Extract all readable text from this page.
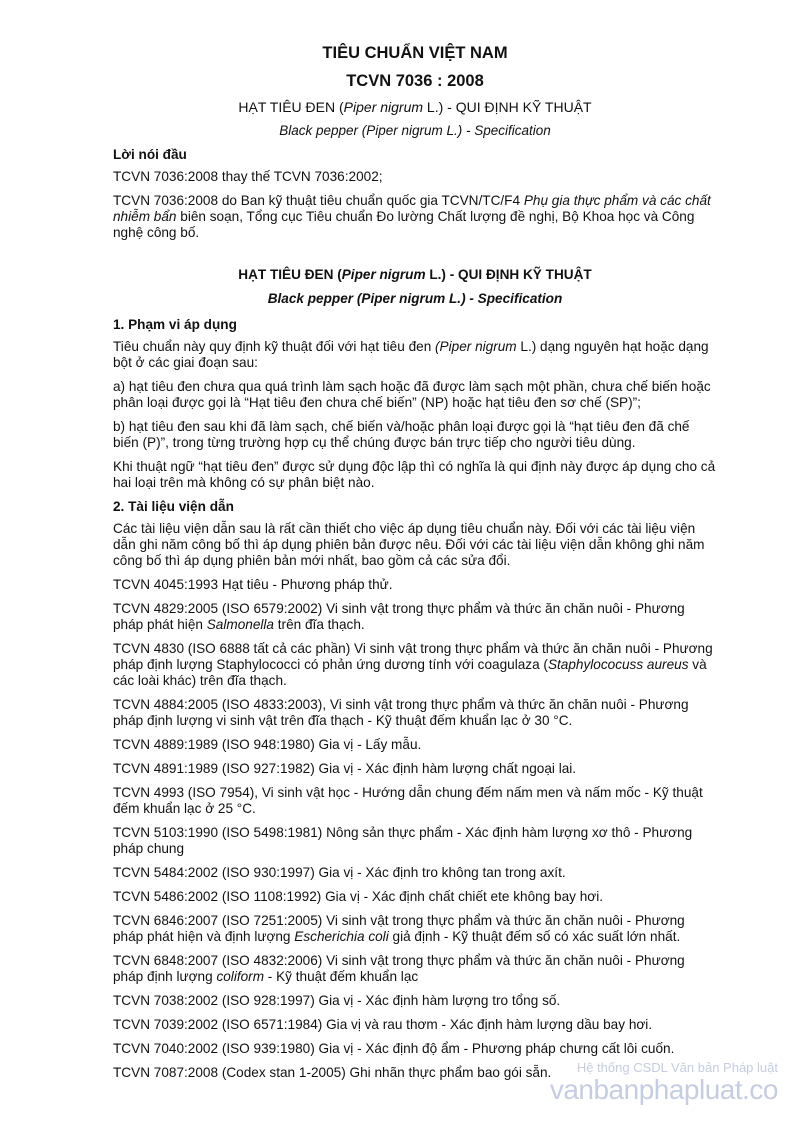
TIÊU CHUẨN VIỆT NAM
TCVN 7036 : 2008
HẠT TIÊU ĐEN (Piper nigrum L.) - QUI ĐỊNH KỸ THUẬT
Black pepper (Piper nigrum L.) - Specification

Lời nói đầu

TCVN 7036:2008 thay thế TCVN 7036:2002;

TCVN 7036:2008 do Ban kỹ thuật tiêu chuẩn quốc gia TCVN/TC/F4 Phụ gia thực phẩm và các chất nhiễm bẩn biên soạn, Tổng cục Tiêu chuẩn Đo lường Chất lượng đề nghị, Bộ Khoa học và Công nghệ công bố.

HẠT TIÊU ĐEN (Piper nigrum L.) - QUI ĐỊNH KỸ THUẬT

Black pepper (Piper nigrum L.) - Specification

1. Phạm vi áp dụng

Tiêu chuẩn này quy định kỹ thuật đối với hạt tiêu đen (Piper nigrum L.) dạng nguyên hạt hoặc dạng bột ở các giai đoạn sau:

a) hạt tiêu đen chưa qua quá trình làm sạch hoặc đã được làm sạch một phần, chưa chế biến hoặc phân loại được gọi là “Hạt tiêu đen chưa chế biến” (NP) hoặc hạt tiêu đen sơ chế (SP)”;

b) hạt tiêu đen sau khi đã làm sạch, chế biến và/hoặc phân loại được gọi là “hạt tiêu đen đã chế biến (P)”, trong từng trường hợp cụ thể chúng được bán trực tiếp cho người tiêu dùng.

Khi thuật ngữ “hạt tiêu đen” được sử dụng độc lập thì có nghĩa là qui định này được áp dụng cho cả hai loại trên mà không có sự phân biệt nào.

2. Tài liệu viện dẫn

Các tài liệu viện dẫn sau là rất cần thiết cho việc áp dụng tiêu chuẩn này. Đối với các tài liệu viện dẫn ghi năm công bố thì áp dụng phiên bản được nêu. Đối với các tài liệu viện dẫn không ghi năm công bố thì áp dụng phiên bản mới nhất, bao gồm cả các sửa đổi.

TCVN 4045:1993 Hạt tiêu - Phương pháp thử.

TCVN 4829:2005 (ISO 6579:2002) Vi sinh vật trong thực phẩm và thức ăn chăn nuôi - Phương pháp phát hiện Salmonella trên đĩa thạch.

TCVN 4830 (ISO 6888 tất cả các phần) Vi sinh vật trong thực phẩm và thức ăn chăn nuôi - Phương pháp định lượng Staphylococci có phản ứng dương tính với coagulaza (Staphylococuss aureus và các loài khác) trên đĩa thạch.

TCVN 4884:2005 (ISO 4833:2003), Vi sinh vật trong thực phẩm và thức ăn chăn nuôi - Phương pháp định lượng vi sinh vật trên đĩa thạch - Kỹ thuật đếm khuẩn lạc ở 30 °C.

TCVN 4889:1989 (ISO 948:1980) Gia vị - Lấy mẫu.

TCVN 4891:1989 (ISO 927:1982) Gia vị - Xác định hàm lượng chất ngoại lai.

TCVN 4993 (ISO 7954), Vi sinh vật học - Hướng dẫn chung đếm nấm men và nấm mốc - Kỹ thuật đếm khuẩn lạc ở 25 °C.

TCVN 5103:1990 (ISO 5498:1981) Nông sản thực phẩm - Xác định hàm lượng xơ thô - Phương pháp chung

TCVN 5484:2002 (ISO 930:1997) Gia vị - Xác định tro không tan trong axít.

TCVN 5486:2002 (ISO 1108:1992) Gia vị - Xác định chất chiết ete không bay hơi.

TCVN 6846:2007 (ISO 7251:2005) Vi sinh vật trong thực phẩm và thức ăn chăn nuôi - Phương pháp phát hiện và định lượng Escherichia coli giả định - Kỹ thuật đếm số có xác suất lớn nhất.

TCVN 6848:2007 (ISO 4832:2006) Vi sinh vật trong thực phẩm và thức ăn chăn nuôi - Phương pháp định lượng coliform - Kỹ thuật đếm khuẩn lạc

TCVN 7038:2002 (ISO 928:1997) Gia vị - Xác định hàm lượng tro tổng số.

TCVN 7039:2002 (ISO 6571:1984) Gia vị và rau thơm - Xác định hàm lượng dầu bay hơi.

TCVN 7040:2002 (ISO 939:1980) Gia vị - Xác định độ ẩm - Phương pháp chưng cất lôi cuốn.

TCVN 7087:2008 (Codex stan 1-2005) Ghi nhãn thực phẩm bao gói sẵn.	Hệ thống CSDL Văn bản Pháp luật
vanbanphapluat.co
